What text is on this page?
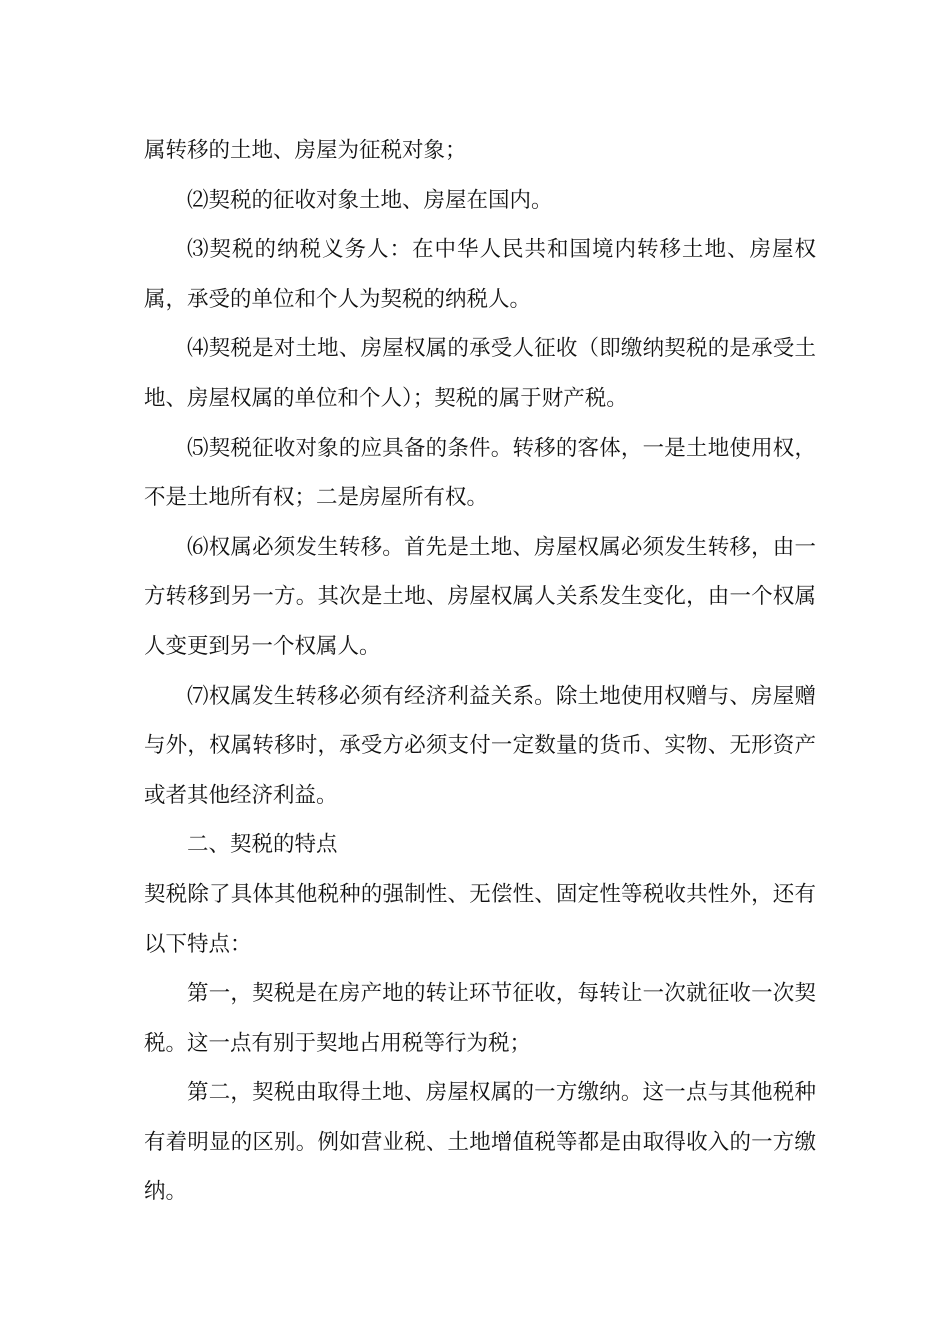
属转移的土地、房屋为征税对象；

⑵契税的征收对象土地、房屋在国内。

⑶契税的纳税义务人：在中华人民共和国境内转移土地、房屋权属，承受的单位和个人为契税的纳税人。

⑷契税是对土地、房屋权属的承受人征收（即缴纳契税的是承受土地、房屋权属的单位和个人）；契税的属于财产税。

⑸契税征收对象的应具备的条件。转移的客体，一是土地使用权，不是土地所有权；二是房屋所有权。

⑹权属必须发生转移。首先是土地、房屋权属必须发生转移，由一方转移到另一方。其次是土地、房屋权属人关系发生变化，由一个权属人变更到另一个权属人。

⑺权属发生转移必须有经济利益关系。除土地使用权赠与、房屋赠与外，权属转移时，承受方必须支付一定数量的货币、实物、无形资产或者其他经济利益。

二、契税的特点

契税除了具体其他税种的强制性、无偿性、固定性等税收共性外，还有以下特点：

第一，契税是在房产地的转让环节征收，每转让一次就征收一次契税。这一点有别于契地占用税等行为税；

第二，契税由取得土地、房屋权属的一方缴纳。这一点与其他税种有着明显的区别。例如营业税、土地增值税等都是由取得收入的一方缴纳。
